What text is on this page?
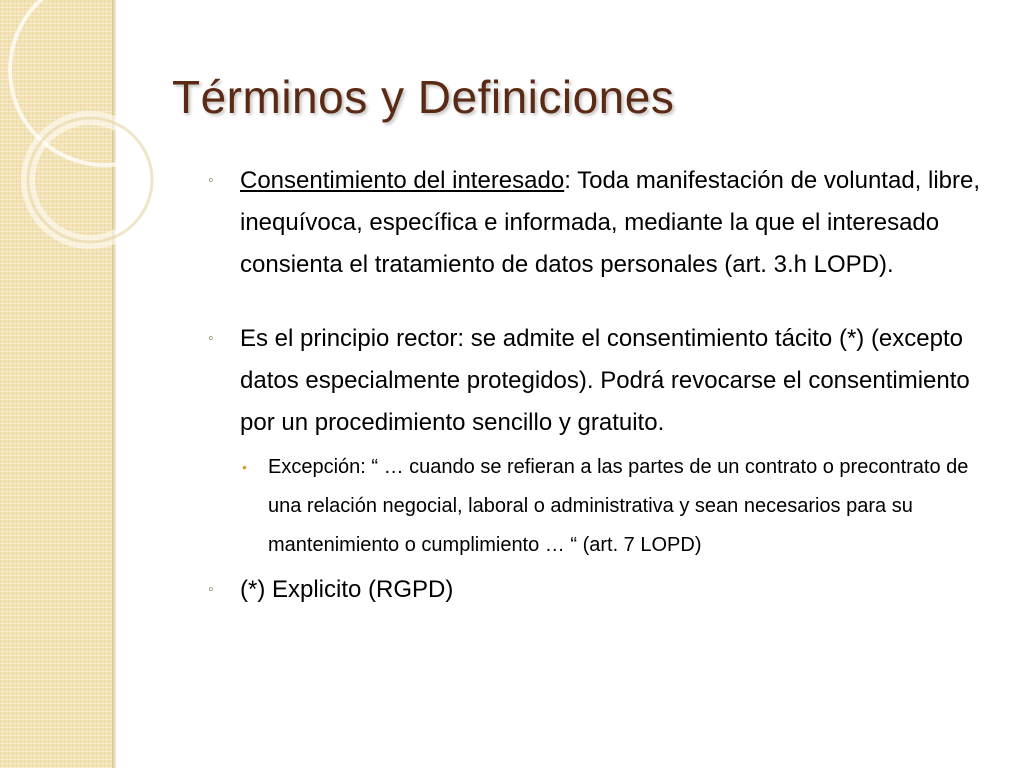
Términos y Definiciones
◦ Consentimiento del interesado: Toda manifestación de voluntad, libre, inequívoca, específica e informada, mediante la que el interesado consienta el tratamiento de datos personales (art. 3.h LOPD).
◦ Es el principio rector: se admite el consentimiento tácito (*) (excepto datos especialmente protegidos). Podrá revocarse el consentimiento por un procedimiento sencillo y gratuito.
• Excepción: “ … cuando se refieran a las partes de un contrato o precontrato de una relación negocial, laboral o administrativa y sean necesarios para su mantenimiento o cumplimiento … “ (art. 7 LOPD)
◦ (*) Explicito (RGPD)
